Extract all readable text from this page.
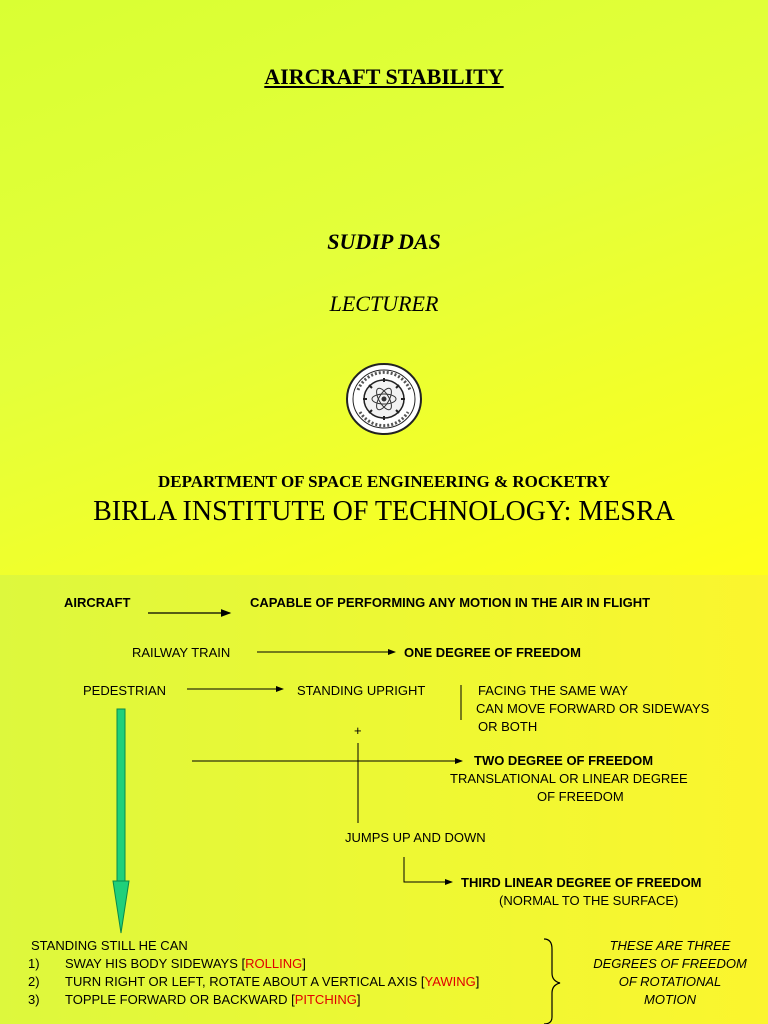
AIRCRAFT STABILITY
SUDIP DAS
LECTURER
DEPARTMENT OF SPACE ENGINEERING & ROCKETRY
BIRLA INSTITUTE OF TECHNOLOGY: MESRA
AIRCRAFT	CAPABLE OF PERFORMING ANY MOTION IN THE AIR IN FLIGHT
RAILWAY TRAIN	ONE DEGREE OF FREEDOM
PEDESTRIAN	STANDING UPRIGHT	FACING THE SAME WAY
CAN MOVE FORWARD OR SIDEWAYS
OR BOTH
+
TWO DEGREE OF FREEDOM
TRANSLATIONAL OR LINEAR DEGREE
OF FREEDOM
JUMPS UP AND DOWN
THIRD LINEAR DEGREE OF FREEDOM
(NORMAL TO THE SURFACE)
STANDING STILL HE CAN
1) SWAY HIS BODY SIDEWAYS [ROLLING]
2) TURN RIGHT OR LEFT, ROTATE ABOUT A VERTICAL AXIS [YAWING]
3) TOPPLE FORWARD OR BACKWARD [PITCHING]
THESE ARE THREE
DEGREES OF FREEDOM
OF ROTATIONAL
MOTION
